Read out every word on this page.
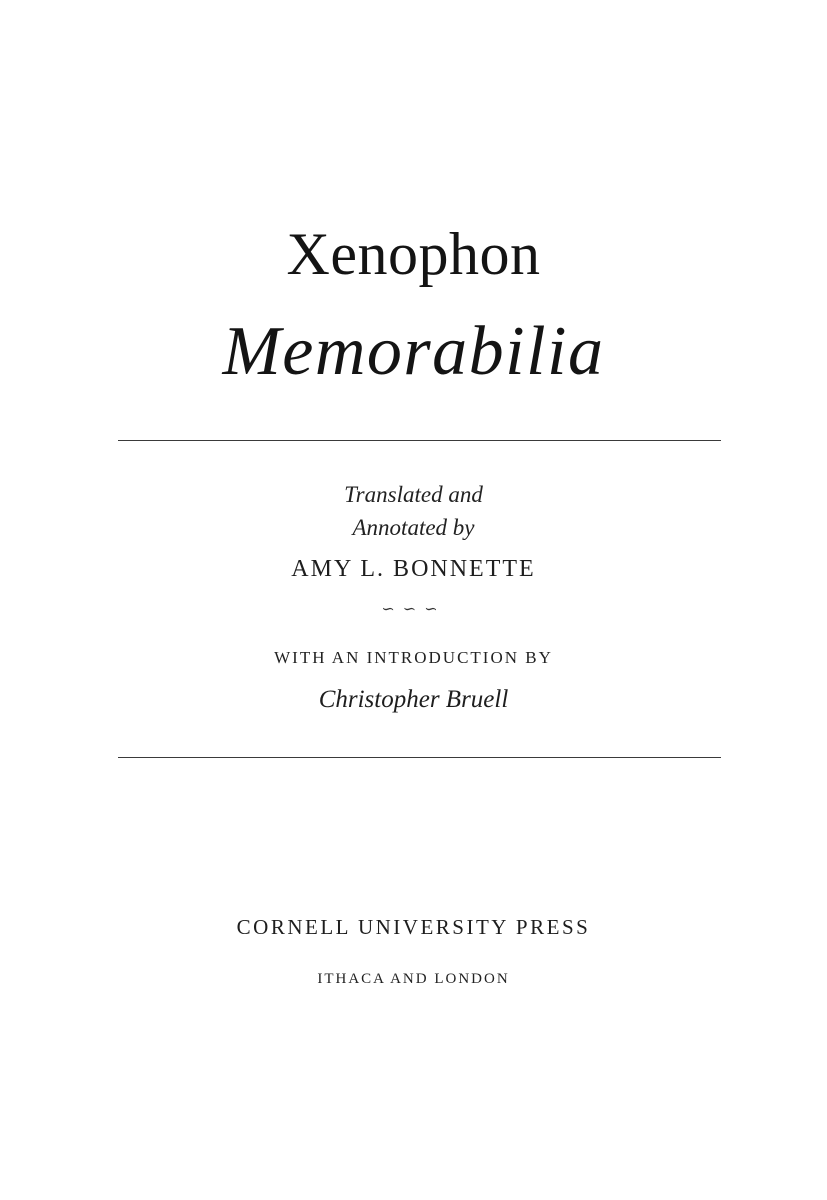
Xenophon
Memorabilia
Translated and
Annotated by
AMY L. BONNETTE
∽∽∽
WITH AN INTRODUCTION BY
Christopher Bruell
CORNELL UNIVERSITY PRESS
ITHACA AND LONDON
